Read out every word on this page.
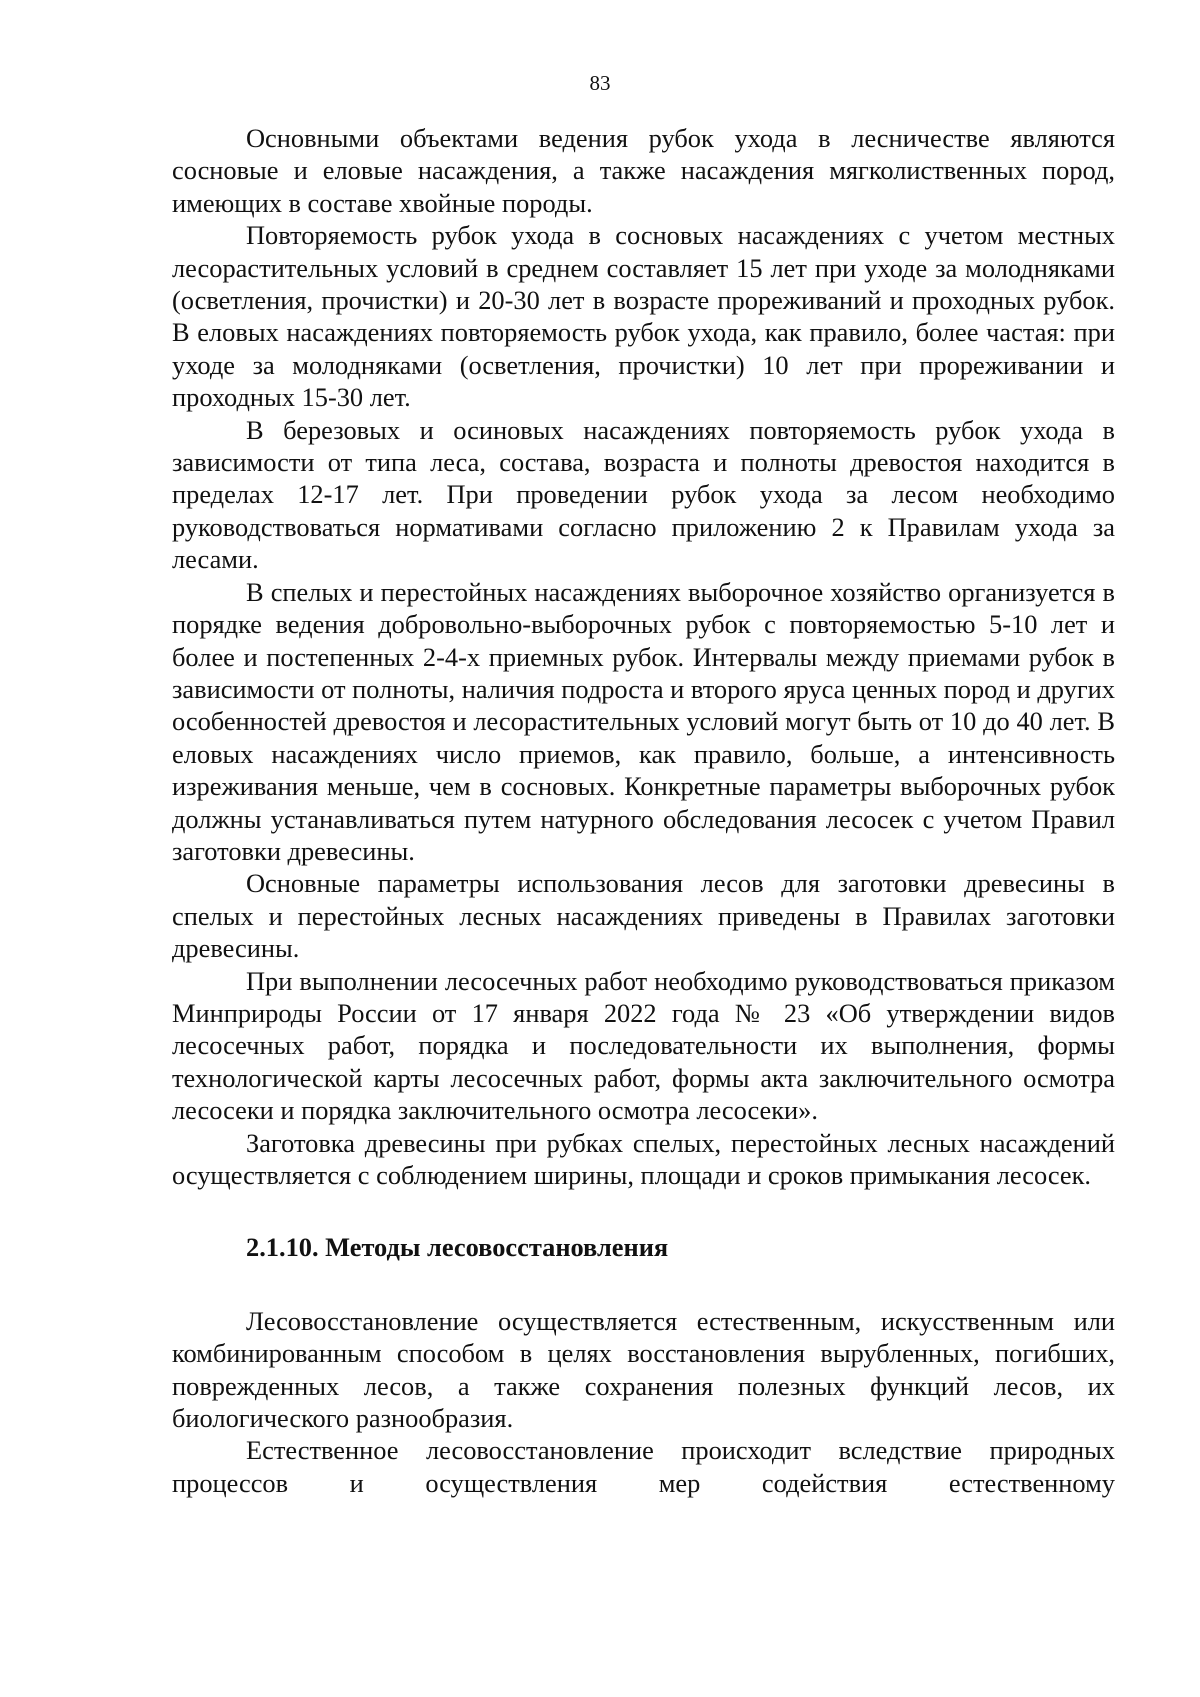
83

Основными объектами ведения рубок ухода в лесничестве являются сосновые и еловые насаждения, а также насаждения мягколиственных пород, имеющих в составе хвойные породы.

Повторяемость рубок ухода в сосновых насаждениях с учетом местных лесорастительных условий в среднем составляет 15 лет при уходе за молодняками (осветления, прочистки) и 20-30 лет в возрасте прореживаний и проходных рубок. В еловых насаждениях повторяемость рубок ухода, как правило, более частая: при уходе за молодняками (осветления, прочистки) 10 лет при прореживании и проходных 15-30 лет.

В березовых и осиновых насаждениях повторяемость рубок ухода в зависимости от типа леса, состава, возраста и полноты древостоя находится в пределах 12-17 лет. При проведении рубок ухода за лесом необходимо руководствоваться нормативами согласно приложению 2 к Правилам ухода за лесами.

В спелых и перестойных насаждениях выборочное хозяйство организуется в порядке ведения добровольно-выборочных рубок с повторяемостью 5-10 лет и более и постепенных 2-4-х приемных рубок. Интервалы между приемами рубок в зависимости от полноты, наличия подроста и второго яруса ценных пород и других особенностей древостоя и лесорастительных условий могут быть от 10 до 40 лет. В еловых насаждениях число приемов, как правило, больше, а интенсивность изреживания меньше, чем в сосновых. Конкретные параметры выборочных рубок должны устанавливаться путем натурного обследования лесосек с учетом Правил заготовки древесины.

Основные параметры использования лесов для заготовки древесины в спелых и перестойных лесных насаждениях приведены в Правилах заготовки древесины.

При выполнении лесосечных работ необходимо руководствоваться приказом Минприроды России от 17 января 2022 года № 23 «Об утверждении видов лесосечных работ, порядка и последовательности их выполнения, формы технологической карты лесосечных работ, формы акта заключительного осмотра лесосеки и порядка заключительного осмотра лесосеки».

Заготовка древесины при рубках спелых, перестойных лесных насаждений осуществляется с соблюдением ширины, площади и сроков примыкания лесосек.

2.1.10. Методы лесовосстановления

Лесовосстановление осуществляется естественным, искусственным или комбинированным способом в целях восстановления вырубленных, погибших, поврежденных лесов, а также сохранения полезных функций лесов, их биологического разнообразия.

Естественное лесовосстановление происходит вследствие природных процессов и осуществления мер содействия естественному
